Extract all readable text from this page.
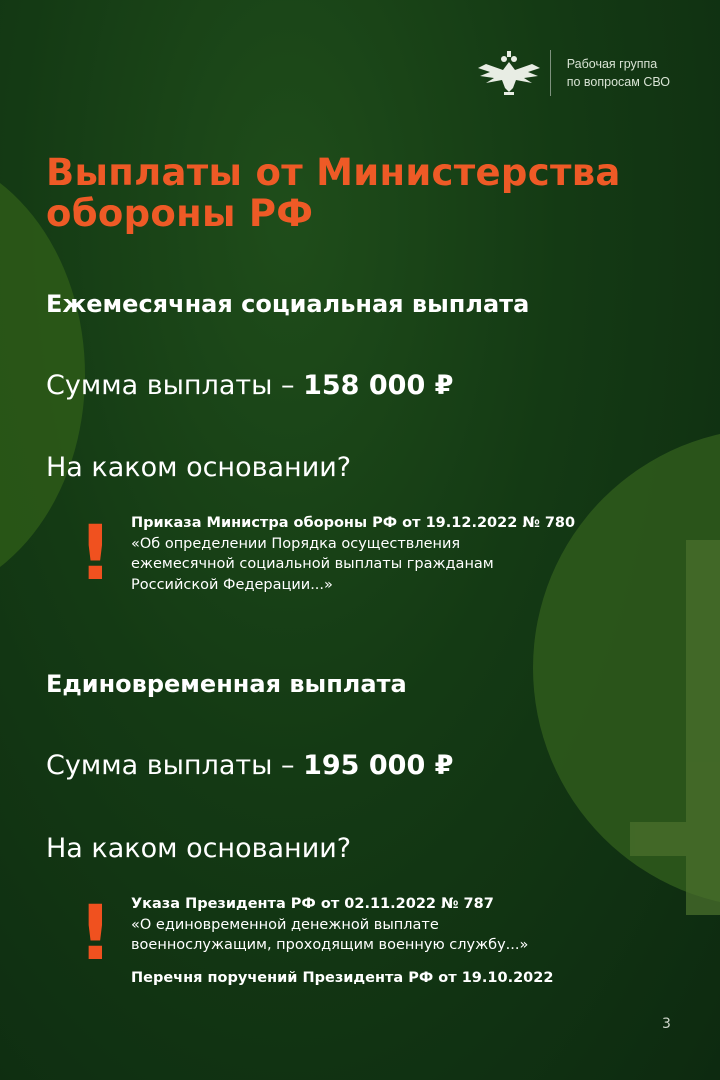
Рабочая группа
по вопросам СВО
Выплаты от Министерства
обороны РФ
Ежемесячная социальная выплата

Сумма выплаты – 158 000 ₽

На каком основании?

! Приказа Министра обороны РФ от 19.12.2022 № 780
«Об определении Порядка осуществления
ежемесячной социальной выплаты гражданам
Российской Федерации...»
Единовременная выплата

Сумма выплаты – 195 000 ₽

На каком основании?

! Указа Президента РФ от 02.11.2022 № 787
«О единовременной денежной выплате
военнослужащим, проходящим военную службу...»
Перечня поручений Президента РФ от 19.10.2022
3
